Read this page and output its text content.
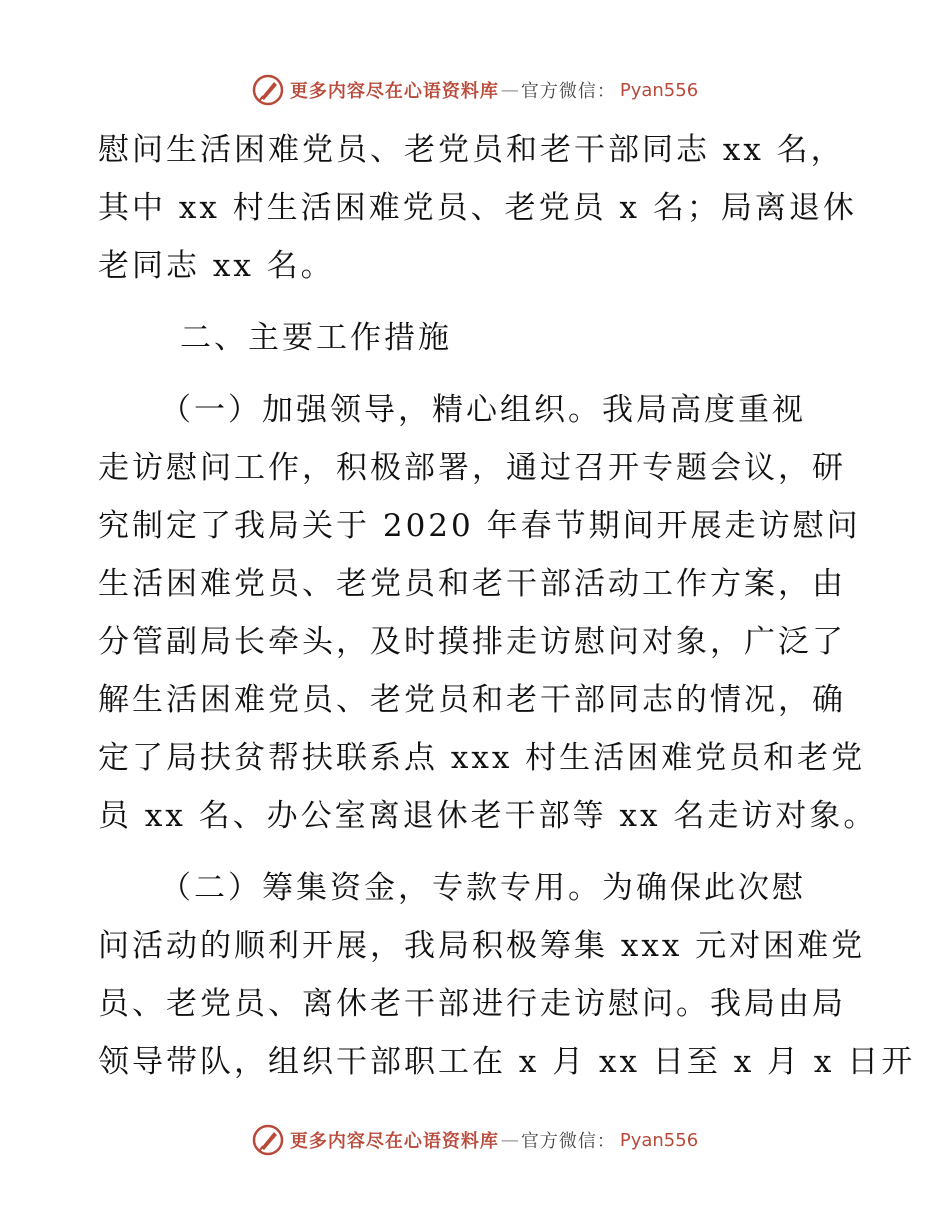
更多内容尽在心语资料库 — 官方微信： Pyan556
慰问生活困难党员、老党员和老干部同志 xx 名，
其中 xx 村生活困难党员、老党员 x 名；局离退休
老同志 xx 名。
二、主要工作措施
（一）加强领导，精心组织。我局高度重视
走访慰问工作，积极部署，通过召开专题会议，研
究制定了我局关于 2020 年春节期间开展走访慰问
生活困难党员、老党员和老干部活动工作方案，由
分管副局长牵头，及时摸排走访慰问对象，广泛了
解生活困难党员、老党员和老干部同志的情况，确
定了局扶贫帮扶联系点 xxx 村生活困难党员和老党
员 xx 名、办公室离退休老干部等 xx 名走访对象。
（二）筹集资金，专款专用。为确保此次慰
问活动的顺利开展，我局积极筹集 xxx 元对困难党
员、老党员、离休老干部进行走访慰问。我局由局
领导带队，组织干部职工在 x 月 xx 日至 x 月 x 日开
更多内容尽在心语资料库 — 官方微信： Pyan556
